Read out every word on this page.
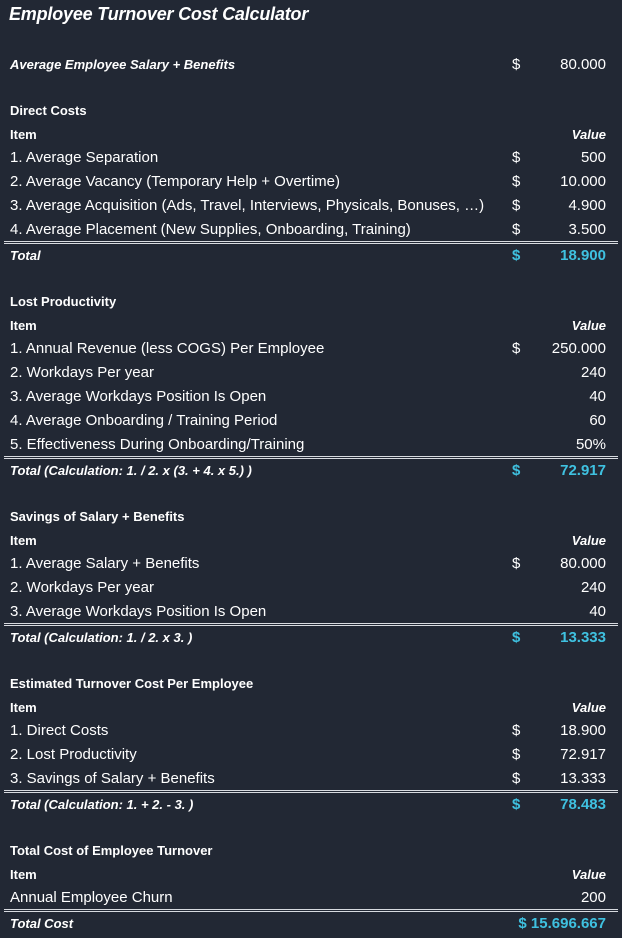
Employee Turnover Cost Calculator
Average Employee Salary + Benefits	$	80.000
Direct Costs
Item	Value
1. Average Separation	$	500
2. Average Vacancy (Temporary Help + Overtime)	$	10.000
3. Average Acquisition (Ads, Travel, Interviews, Physicals, Bonuses, …) $	4.900
4. Average Placement (New Supplies, Onboarding, Training)	$	3.500
Total	$	18.900
Lost Productivity
Item	Value
1. Annual Revenue (less COGS) Per Employee	$ 250.000
2. Workdays Per year	240
3. Average Workdays Position Is Open	40
4. Average Onboarding / Training Period	60
5. Effectiveness During Onboarding/Training	50%
Total (Calculation: 1. / 2. x (3. + 4. x 5.) )	$	72.917
Savings of Salary + Benefits
Item	Value
1. Average Salary + Benefits	$	80.000
2. Workdays Per year	240
3. Average Workdays Position Is Open	40
Total (Calculation: 1. / 2. x 3. )	$	13.333
Estimated Turnover Cost Per Employee
Item	Value
1. Direct Costs	$	18.900
2. Lost Productivity	$	72.917
3. Savings of Salary + Benefits	$	13.333
Total (Calculation: 1. + 2. - 3. )	$	78.483
Total Cost of Employee Turnover
Item	Value
Annual Employee Churn	200
Total Cost	$ 15.696.667
